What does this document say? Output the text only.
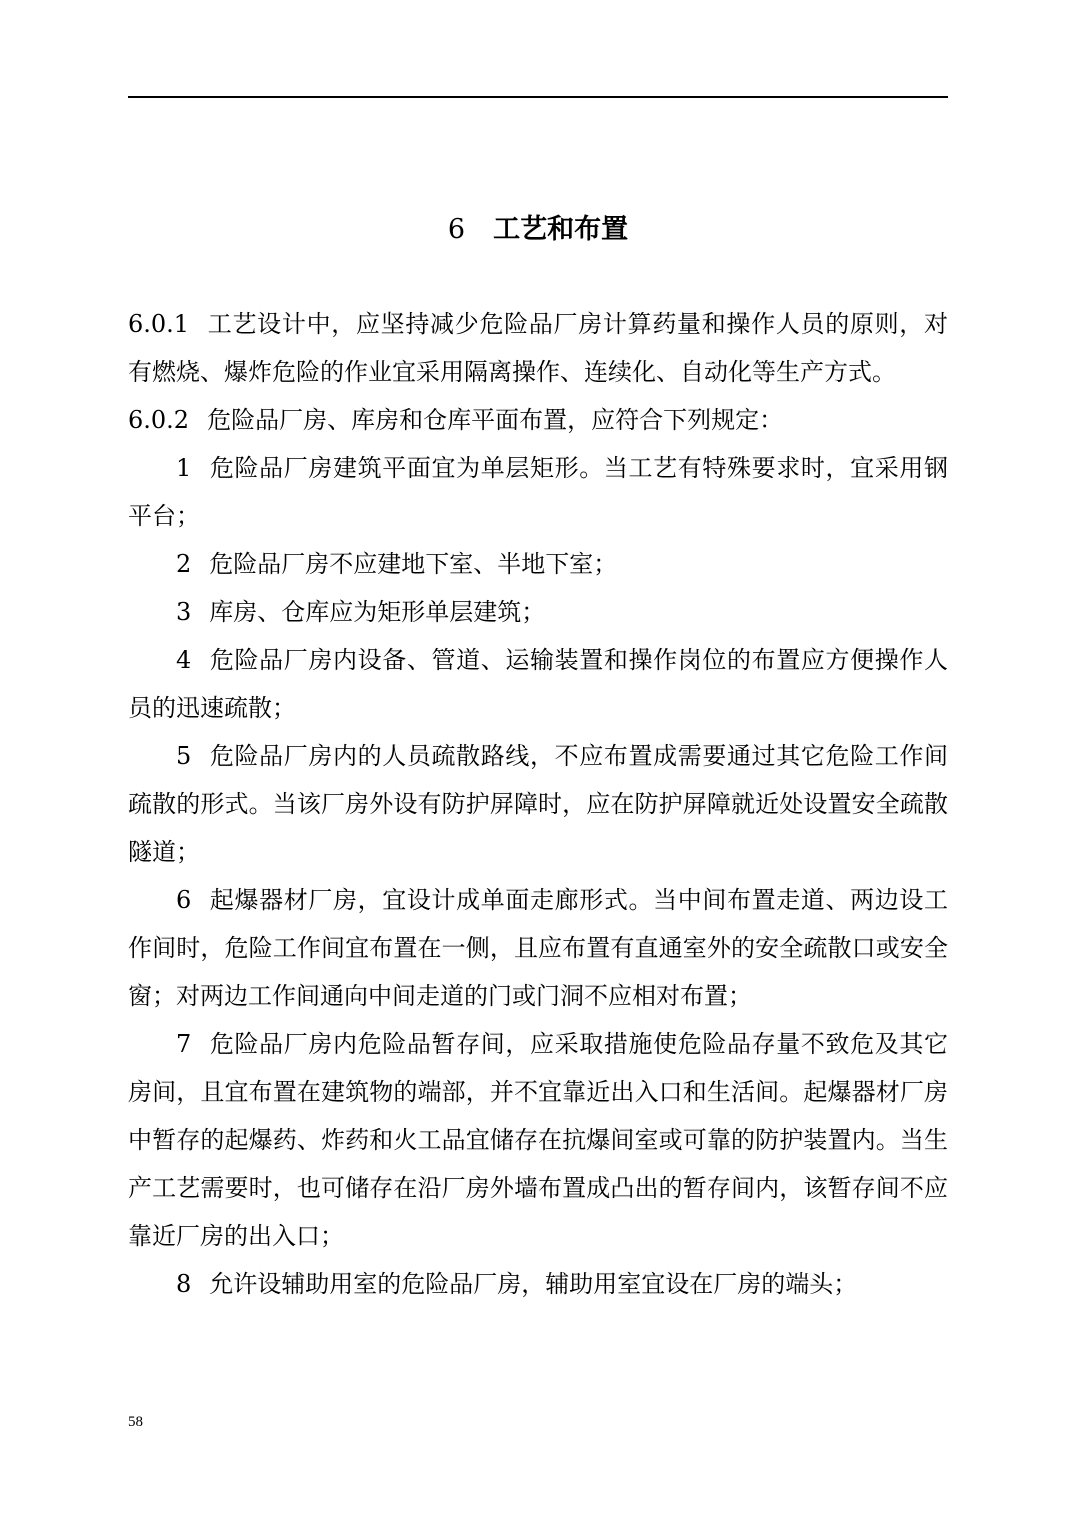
6 工艺和布置

6.0.1 工艺设计中，应坚持减少危险品厂房计算药量和操作人员的原则，对有燃烧、爆炸危险的作业宜采用隔离操作、连续化、自动化等生产方式。

6.0.2 危险品厂房、库房和仓库平面布置，应符合下列规定：

1 危险品厂房建筑平面宜为单层矩形。当工艺有特殊要求时，宜采用钢平台；

2 危险品厂房不应建地下室、半地下室；

3 库房、仓库应为矩形单层建筑；

4 危险品厂房内设备、管道、运输装置和操作岗位的布置应方便操作人员的迅速疏散；

5 危险品厂房内的人员疏散路线，不应布置成需要通过其它危险工作间疏散的形式。当该厂房外设有防护屏障时，应在防护屏障就近处设置安全疏散隧道；

6 起爆器材厂房，宜设计成单面走廊形式。当中间布置走道、两边设工作间时，危险工作间宜布置在一侧，且应布置有直通室外的安全疏散口或安全窗；对两边工作间通向中间走道的门或门洞不应相对布置；

7 危险品厂房内危险品暂存间，应采取措施使危险品存量不致危及其它房间，且宜布置在建筑物的端部，并不宜靠近出入口和生活间。起爆器材厂房中暂存的起爆药、炸药和火工品宜储存在抗爆间室或可靠的防护装置内。当生产工艺需要时，也可储存在沿厂房外墙布置成凸出的暂存间内，该暂存间不应靠近厂房的出入口；

8 允许设辅助用室的危险品厂房，辅助用室宜设在厂房的端头；

58
